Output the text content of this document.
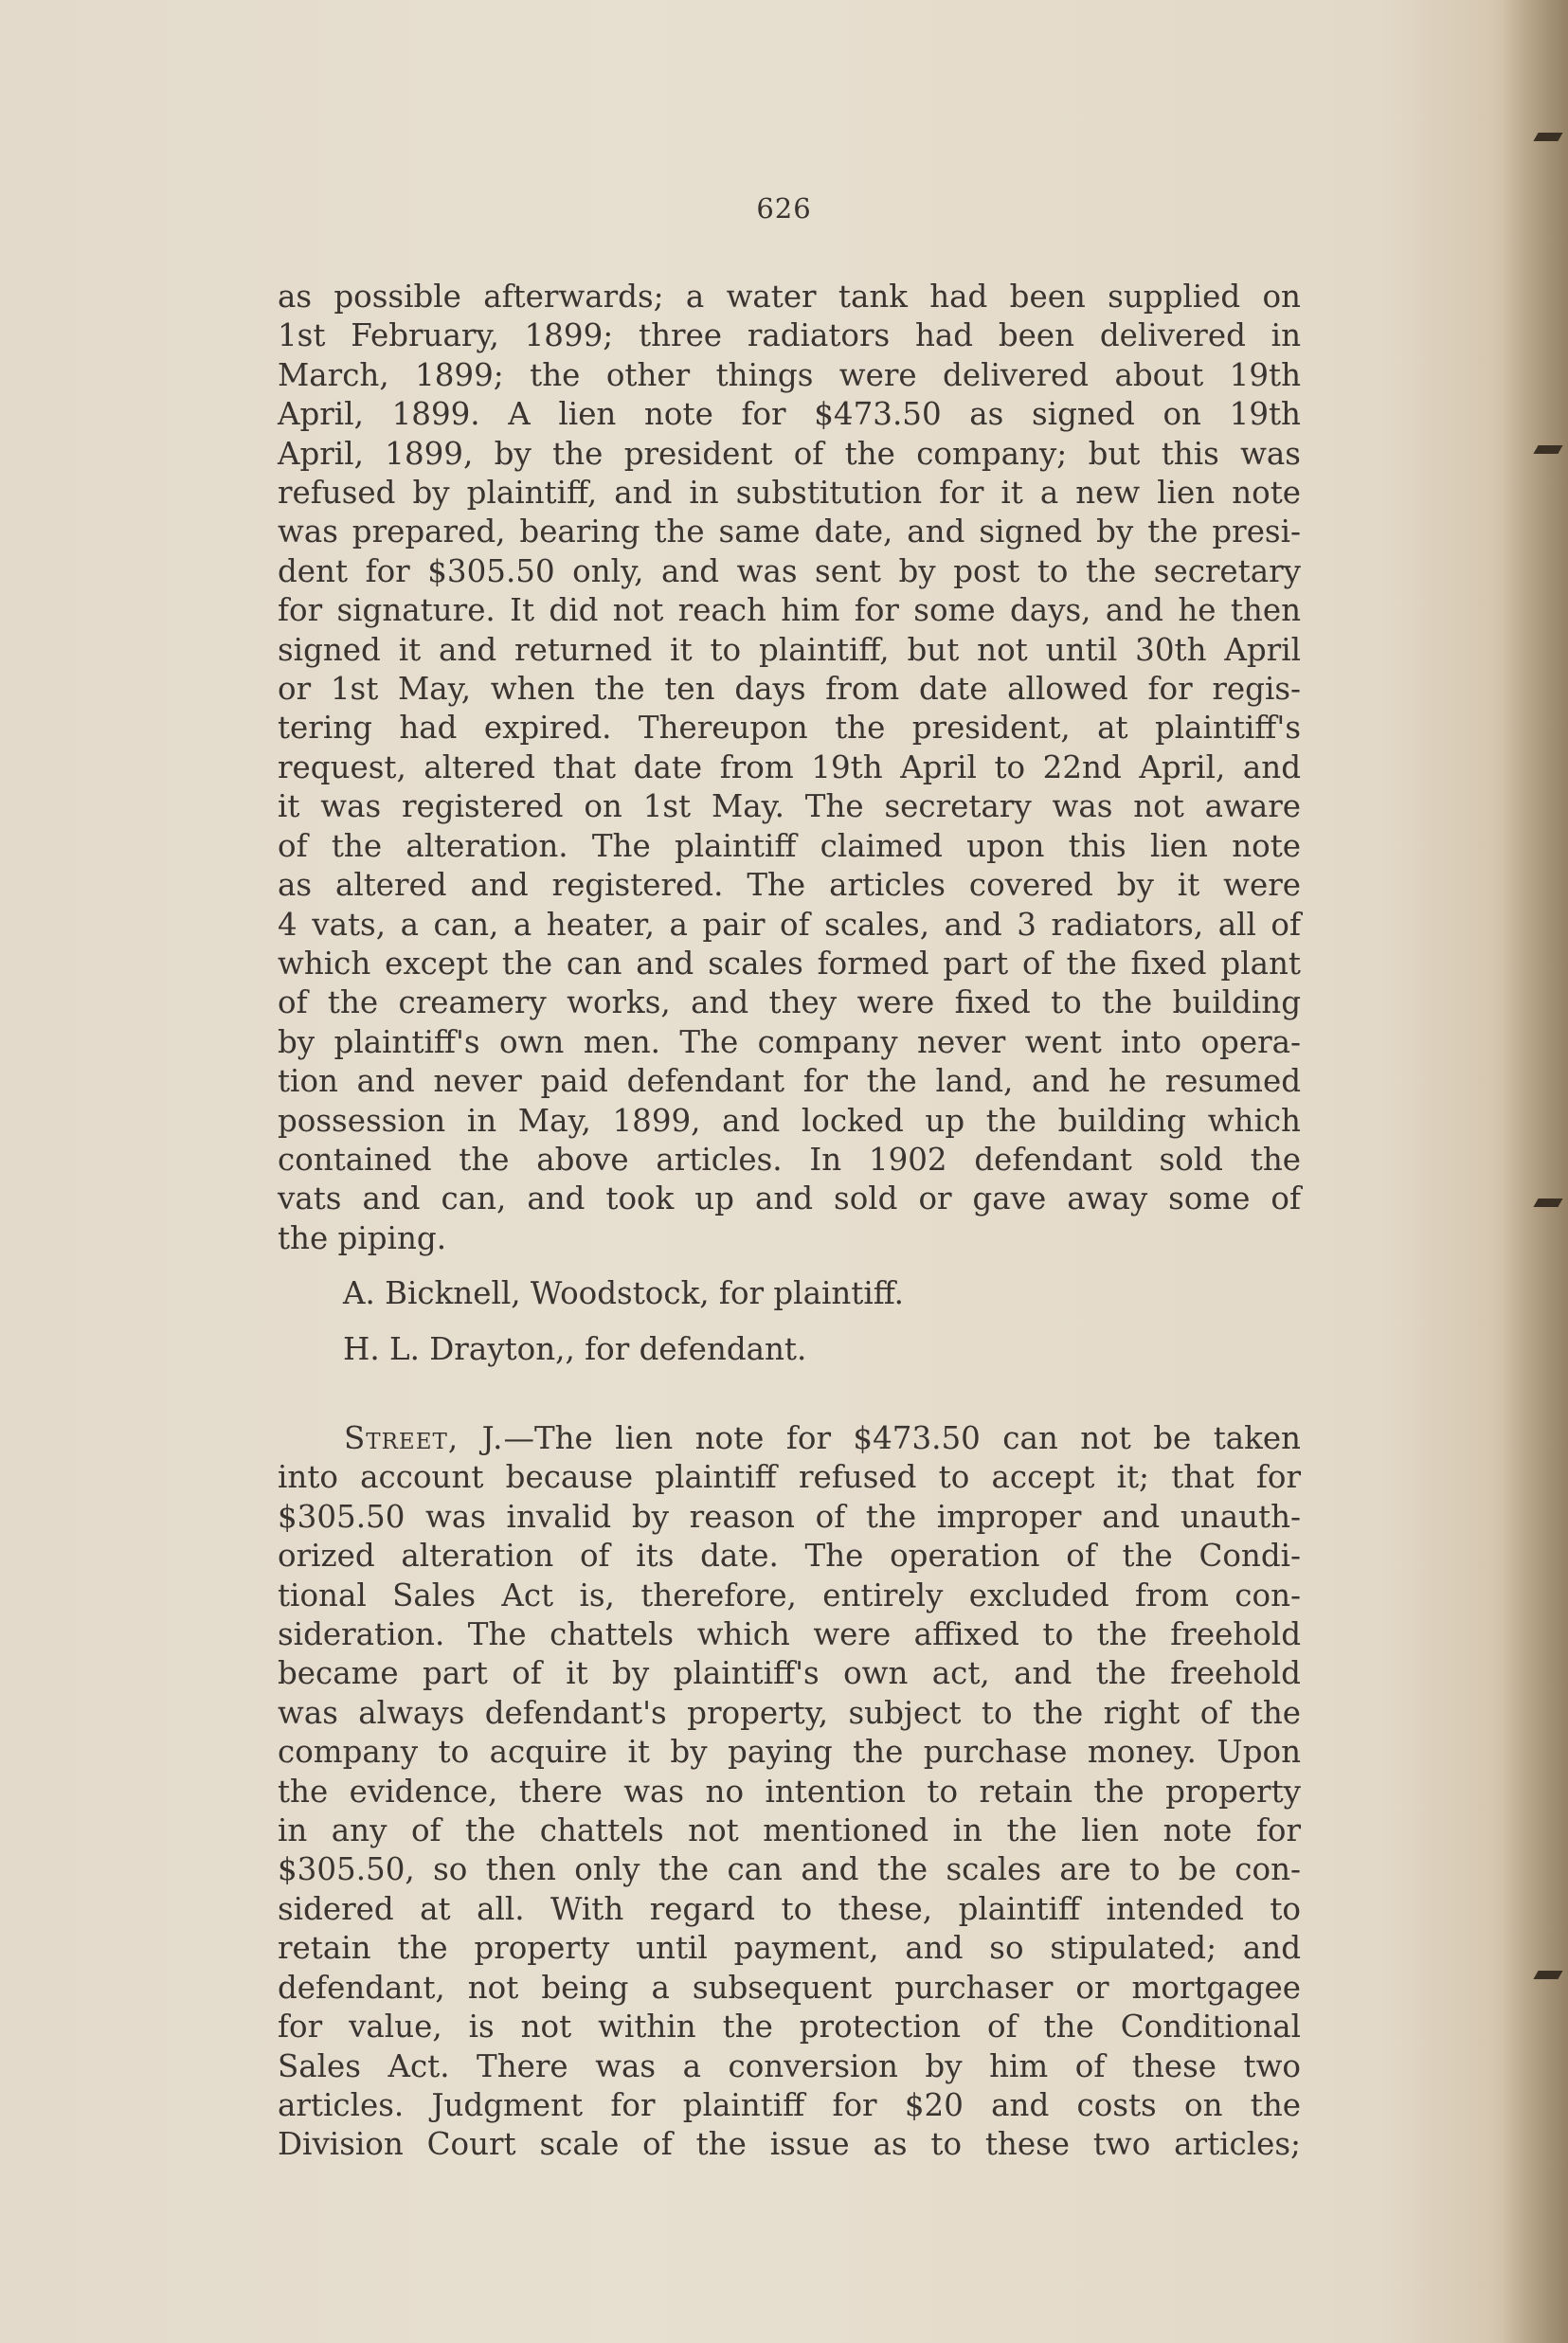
626
as possible afterwards; a water tank had been supplied on
1st February, 1899; three radiators had been delivered in
March, 1899; the other things were delivered about 19th
April, 1899. A lien note for $473.50 as signed on 19th
April, 1899, by the president of the company; but this was
refused by plaintiff, and in substitution for it a new lien note
was prepared, bearing the same date, and signed by the presi-
dent for $305.50 only, and was sent by post to the secretary
for signature. It did not reach him for some days, and he then
signed it and returned it to plaintiff, but not until 30th April
or 1st May, when the ten days from date allowed for regis-
tering had expired. Thereupon the president, at plaintiff's
request, altered that date from 19th April to 22nd April, and
it was registered on 1st May. The secretary was not aware
of the alteration. The plaintiff claimed upon this lien note
as altered and registered. The articles covered by it were
4 vats, a can, a heater, a pair of scales, and 3 radiators, all of
which except the can and scales formed part of the fixed plant
of the creamery works, and they were fixed to the building
by plaintiff's own men. The company never went into opera-
tion and never paid defendant for the land, and he resumed
possession in May, 1899, and locked up the building which
contained the above articles. In 1902 defendant sold the
vats and can, and took up and sold or gave away some of
the piping.
A. Bicknell, Woodstock, for plaintiff.
H. L. Drayton,, for defendant.
Street, J.—The lien note for $473.50 can not be taken
into account because plaintiff refused to accept it; that for
$305.50 was invalid by reason of the improper and unauth-
orized alteration of its date. The operation of the Condi-
tional Sales Act is, therefore, entirely excluded from con-
sideration. The chattels which were affixed to the freehold
became part of it by plaintiff's own act, and the freehold
was always defendant's property, subject to the right of the
company to acquire it by paying the purchase money. Upon
the evidence, there was no intention to retain the property
in any of the chattels not mentioned in the lien note for
$305.50, so then only the can and the scales are to be con-
sidered at all. With regard to these, plaintiff intended to
retain the property until payment, and so stipulated; and
defendant, not being a subsequent purchaser or mortgagee
for value, is not within the protection of the Conditional
Sales Act. There was a conversion by him of these two
articles. Judgment for plaintiff for $20 and costs on the
Division Court scale of the issue as to these two articles;
